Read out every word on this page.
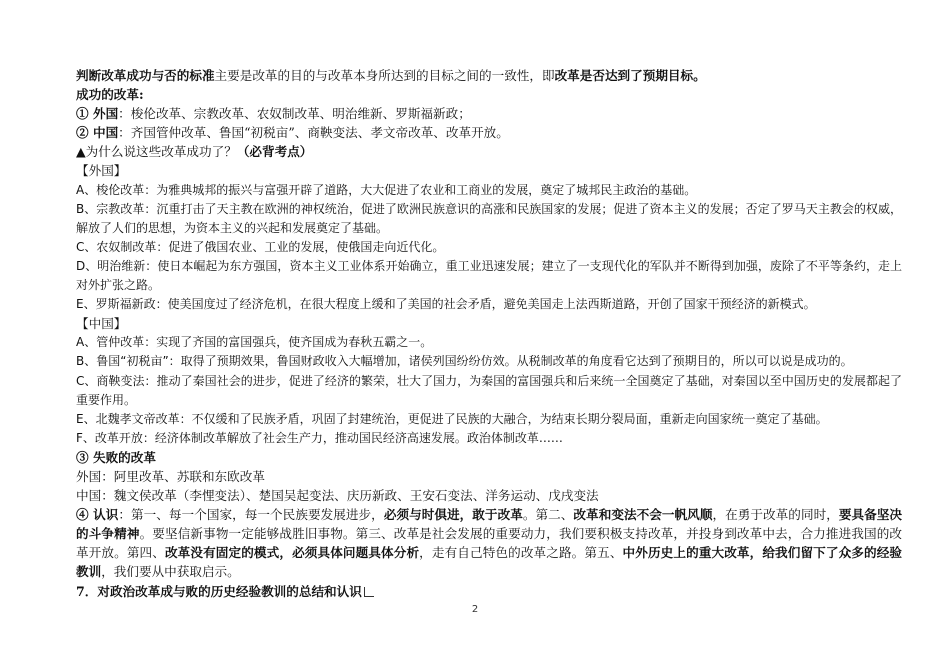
判断改革成功与否的标准主要是改革的目的与改革本身所达到的目标之间的一致性，即改革是否达到了预期目标。

成功的改革:

① 外国：梭伦改革、宗教改革、农奴制改革、明治维新、罗斯福新政；

② 中国：齐国管仲改革、鲁国“初税亩”、商鞅变法、孝文帝改革、改革开放。

▲为什么说这些改革成功了？（必背考点）

【外国】

A、梭伦改革：为雅典城邦的振兴与富强开辟了道路，大大促进了农业和工商业的发展，奠定了城邦民主政治的基础。

B、宗教改革：沉重打击了天主教在欧洲的神权统治，促进了欧洲民族意识的高涨和民族国家的发展；促进了资本主义的发展；否定了罗马天主教会的权威，解放了人们的思想，为资本主义的兴起和发展奠定了基础。

C、农奴制改革：促进了俄国农业、工业的发展，使俄国走向近代化。

D、明治维新：使日本崛起为东方强国，资本主义工业体系开始确立，重工业迅速发展；建立了一支现代化的军队并不断得到加强，废除了不平等条约，走上对外扩张之路。

E、罗斯福新政：使美国度过了经济危机，在很大程度上缓和了美国的社会矛盾，避免美国走上法西斯道路，开创了国家干预经济的新模式。

【中国】

A、管仲改革：实现了齐国的富国强兵，使齐国成为春秋五霸之一。

B、鲁国“初税亩”：取得了预期效果，鲁国财政收入大幅增加，诸侯列国纷纷仿效。从税制改革的角度看它达到了预期目的，所以可以说是成功的。

C、商鞅变法：推动了秦国社会的进步，促进了经济的繁荣，壮大了国力，为秦国的富国强兵和后来统一全国奠定了基础，对秦国以至中国历史的发展都起了重要作用。

E、北魏孝文帝改革：不仅缓和了民族矛盾，巩固了封建统治，更促进了民族的大融合，为结束长期分裂局面，重新走向国家统一奠定了基础。

F、改革开放：经济体制改革解放了社会生产力，推动国民经济高速发展。政治体制改革……

③ 失败的改革

外国：阿里改革、苏联和东欧改革

中国：魏文侯改革（李悝变法）、楚国吴起变法、庆历新政、王安石变法、洋务运动、戊戌变法

④ 认识：第一、每一个国家，每一个民族要发展进步，必须与时俱进，敢于改革。第二、改革和变法不会一帆风顺，在勇于改革的同时，要具备坚决的斗争精神。要坚信新事物一定能够战胜旧事物。第三、改革是社会发展的重要动力，我们要积极支持改革，并投身到改革中去，合力推进我国的改革开放。第四、改革没有固定的模式，必须具体问题具体分析，走有自己特色的改革之路。第五、中外历史上的重大改革，给我们留下了众多的经验教训，我们要从中获取启示。

7．对政治改革成与败的历史经验教训的总结和认识

2
